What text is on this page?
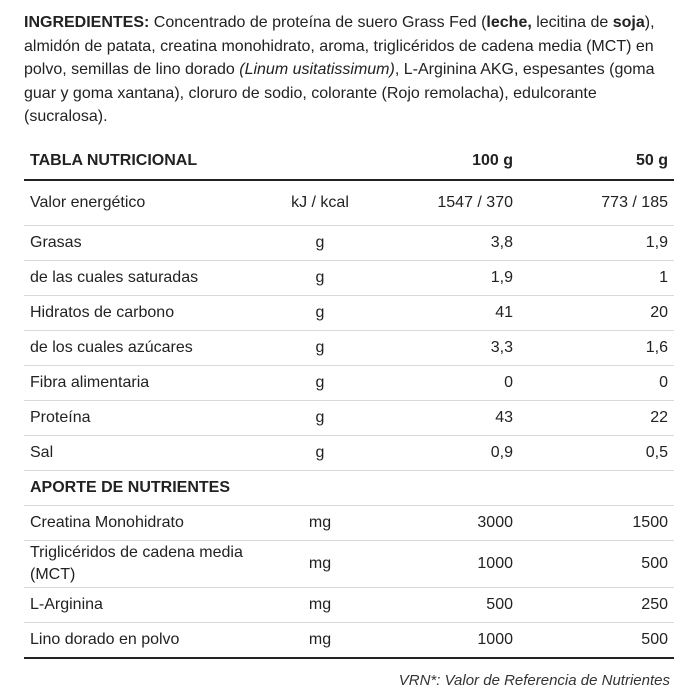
INGREDIENTES: Concentrado de proteína de suero Grass Fed (leche, lecitina de soja), almidón de patata, creatina monohidrato, aroma, triglicéridos de cadena media (MCT) en polvo, semillas de lino dorado (Linum usitatissimum), L-Arginina AKG, espesantes (goma guar y goma xantana), cloruro de sodio, colorante (Rojo remolacha), edulcorante (sucralosa).

TABLA NUTRICIONAL		100 g	50 g
Valor energético	kJ / kcal	1547 / 370	773 / 185
Grasas	g	3,8	1,9
de las cuales saturadas	g	1,9	1
Hidratos de carbono	g	41	20
de los cuales azúcares	g	3,3	1,6
Fibra alimentaria	g	0	0
Proteína	g	43	22
Sal	g	0,9	0,5
APORTE DE NUTRIENTES			
Creatina Monohidrato	mg	3000	1500
Triglicéridos de cadena media (MCT)	mg	1000	500
L-Arginina	mg	500	250
Lino dorado en polvo	mg	1000	500
VRN*: Valor de Referencia de Nutrientes
